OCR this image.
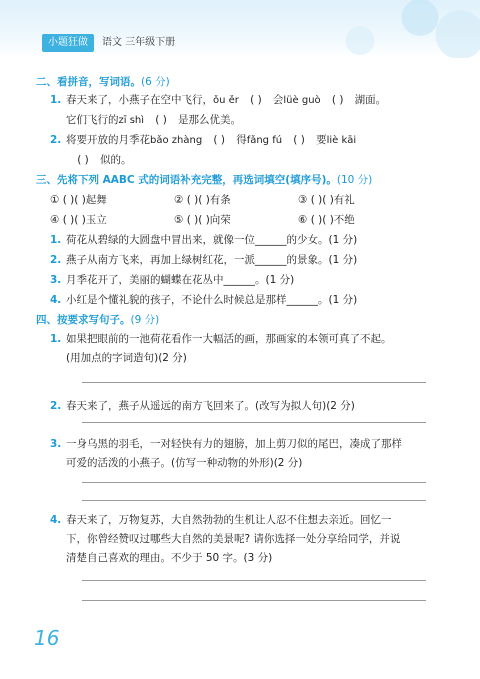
小题狂做	语文 三年级下册
二、看拼音，写词语。(6 分)
1. 春天来了，小燕子在空中飞行，ǒu ěr ( ) 会lüè guò ( ) 湖面。
它们飞行的zī shì ( ) 是那么优美。
2. 将要开放的月季花bǎo zhàng ( ) 得fǎng fú ( ) 要liè kāi
( ) 似的。
三、先将下列 AABC 式的词语补充完整，再选词填空(填序号)。(10 分)
① ( )( )起舞	② ( )( )有条	③ ( )( )有礼
④ ( )( )玉立	⑤ ( )( )向荣	⑥ ( )( )不绝
1. 荷花从碧绿的大圆盘中冒出来，就像一位______的少女。(1 分)
2. 燕子从南方飞来，再加上绿树红花，一派______的景象。(1 分)
3. 月季花开了，美丽的蝴蝶在花丛中______。(1 分)
4. 小红是个懂礼貌的孩子，不论什么时候总是那样______。(1 分)
四、按要求写句子。(9 分)
1. 如果把眼前的一池荷花看作一大幅活的画，那画家的本领可真了不起。
(用加点的字词造句)(2 分)
2. 春天来了，燕子从遥远的南方飞回来了。(改写为拟人句)(2 分)
3. 一身乌黑的羽毛，一对轻快有力的翅膀，加上剪刀似的尾巴，凑成了那样
可爱的活泼的小燕子。(仿写一种动物的外形)(2 分)
4. 春天来了，万物复苏，大自然勃勃的生机让人忍不住想去亲近。回忆一
下，你曾经赞叹过哪些大自然的美景呢? 请你选择一处分享给同学，并说
清楚自己喜欢的理由。不少于 50 字。(3 分)
16
